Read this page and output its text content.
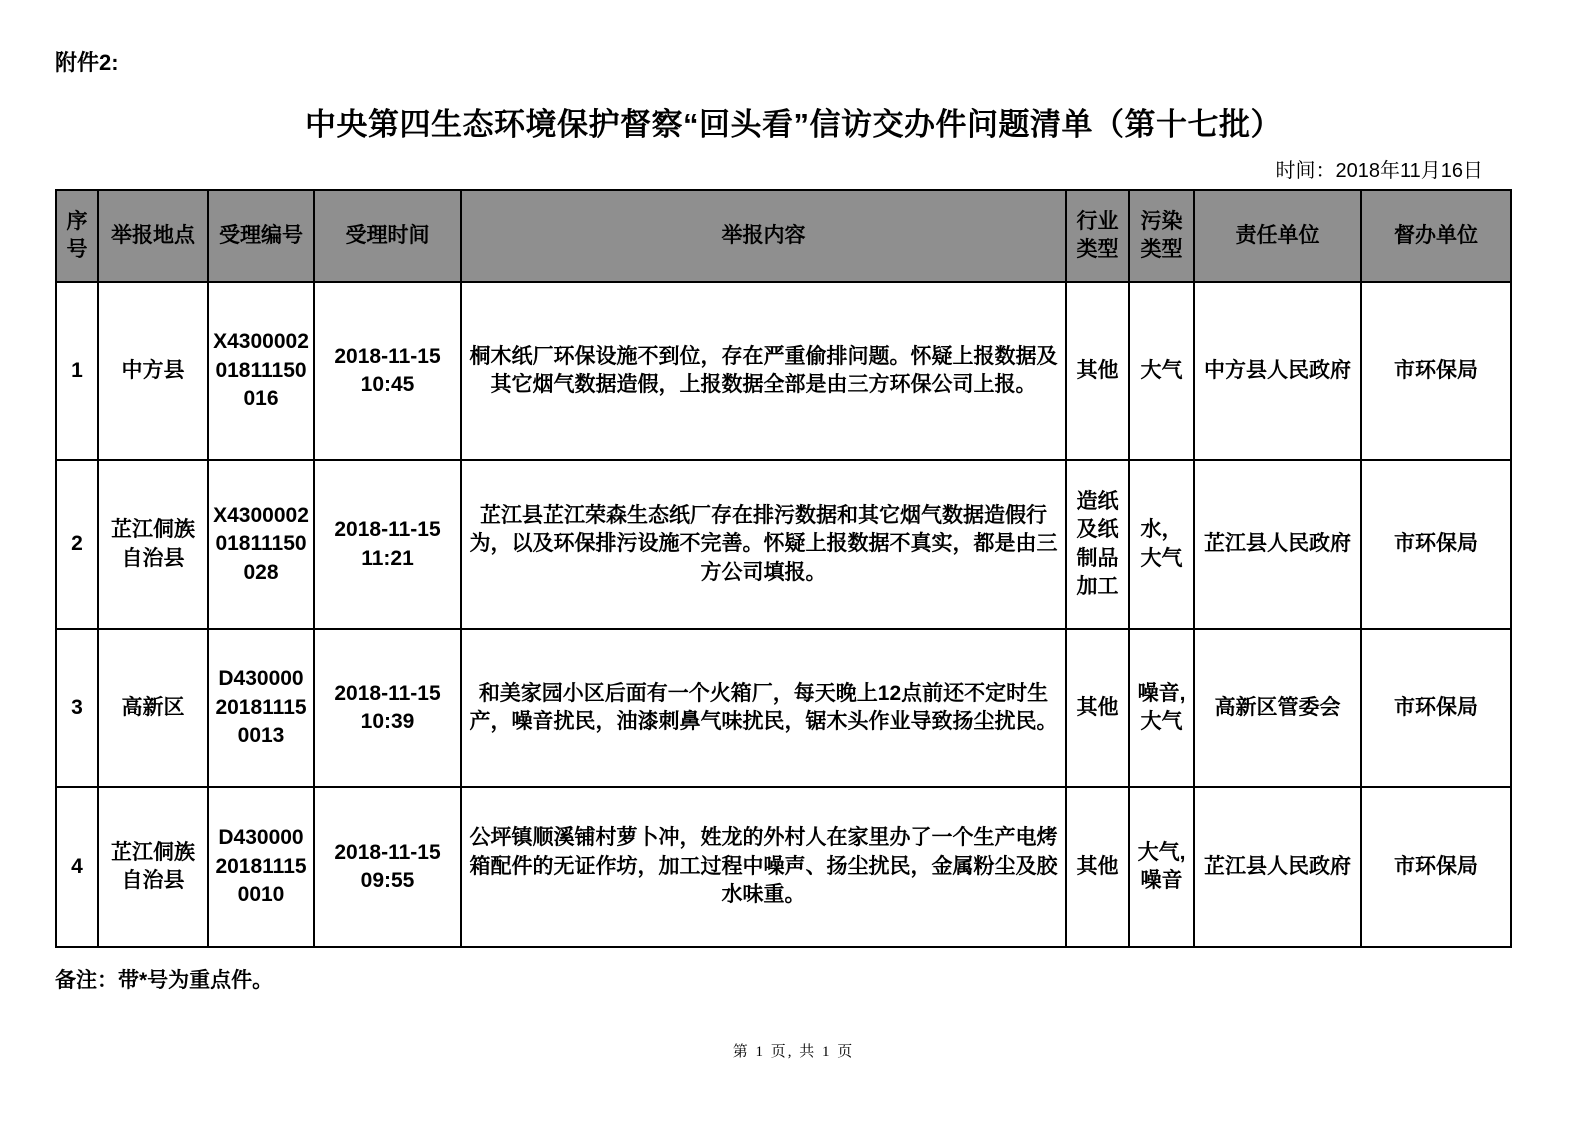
附件2:
中央第四生态环境保护督察“回头看”信访交办件问题清单（第十七批）
时间：2018年11月16日
序号	举报地点	受理编号	受理时间	举报内容	行业类型	污染类型	责任单位	督办单位
1	中方县	X430000201811150016	2018-11-15 10:45	桐木纸厂环保设施不到位，存在严重偷排问题。怀疑上报数据及其它烟气数据造假，上报数据全部是由三方环保公司上报。	其他	大气	中方县人民政府	市环保局
2	芷江侗族自治县	X430000201811150028	2018-11-15 11:21	芷江县芷江荣森生态纸厂存在排污数据和其它烟气数据造假行为，以及环保排污设施不完善。怀疑上报数据不真实，都是由三方公司填报。	造纸及纸制品加工	水，大气	芷江县人民政府	市环保局
3	高新区	D430000201811150013	2018-11-15 10:39	和美家园小区后面有一个火箱厂，每天晚上12点前还不定时生产，噪音扰民，油漆刺鼻气味扰民，锯木头作业导致扬尘扰民。	其他	噪音,大气	高新区管委会	市环保局
4	芷江侗族自治县	D430000201811150010	2018-11-15 09:55	公坪镇顺溪铺村萝卜冲，姓龙的外村人在家里办了一个生产电烤箱配件的无证作坊，加工过程中噪声、扬尘扰民，金属粉尘及胶水味重。	其他	大气,噪音	芷江县人民政府	市环保局
备注：带*号为重点件。
第 1 页, 共 1 页
